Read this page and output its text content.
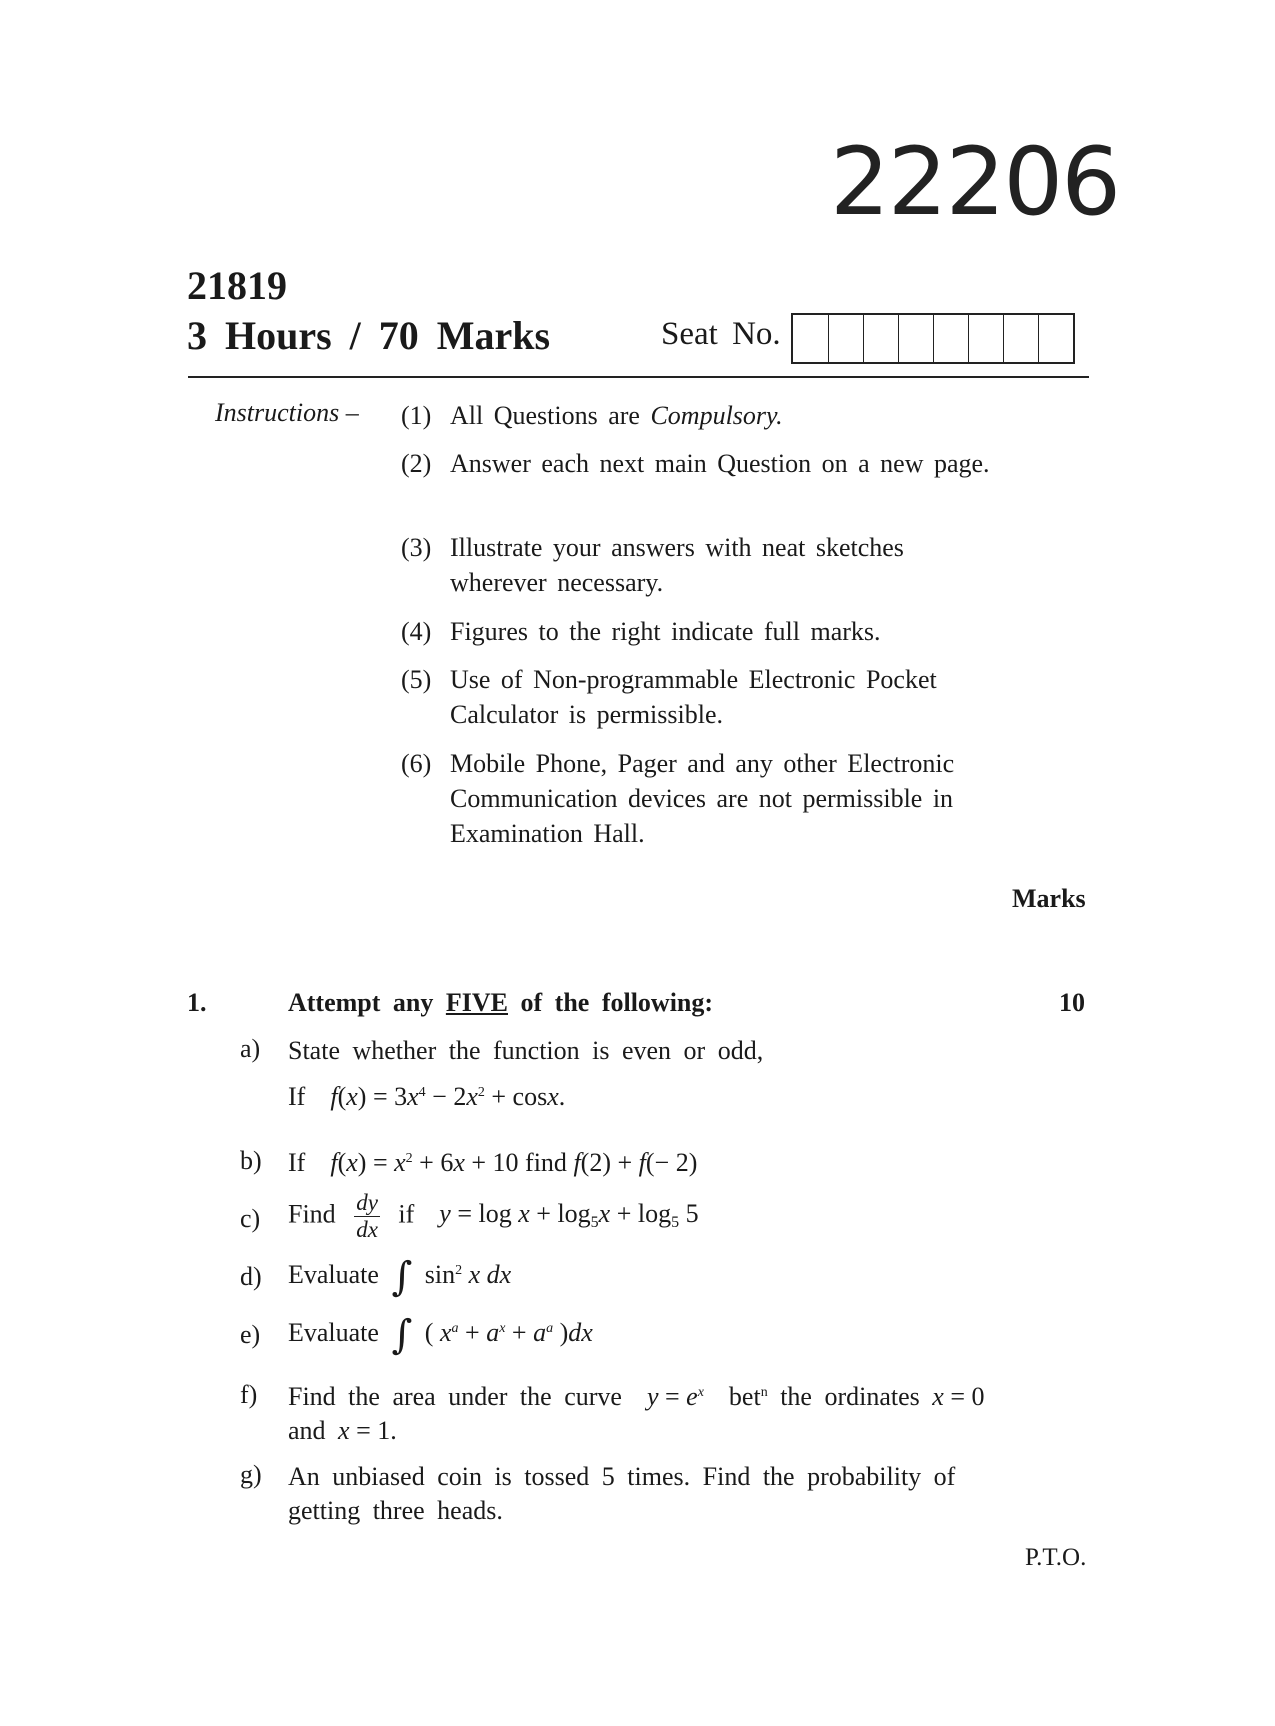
22206
21819
3 Hours / 70 Marks	Seat No.
Instructions – (1) All Questions are Compulsory.
(2) Answer each next main Question on a new page.
(3) Illustrate your answers with neat sketches wherever necessary.
(4) Figures to the right indicate full marks.
(5) Use of Non-programmable Electronic Pocket Calculator is permissible.
(6) Mobile Phone, Pager and any other Electronic Communication devices are not permissible in Examination Hall.
Marks
1.	Attempt any FIVE of the following:	10
a) State whether the function is even or odd,
If $f(x) = 3x^4 - 2x^2 + \cos x$.
b) If $f(x) = x^2 + 6x + 10$ find f(2) + f(− 2)
c) Find $\frac{dy}{dx}$ if $y = \log x + \log_5x + \log_5 5$
d) Evaluate ∫ $\sin^2 x$ dx
e) Evaluate ∫ ( $x^a + a^x + a^a$ )dx
f) Find the area under the curve $y = e^x$ bet$^n$ the ordinates x = 0
and x = 1.
g) An unbiased coin is tossed 5 times. Find the probability of getting three heads.
P.T.O.
